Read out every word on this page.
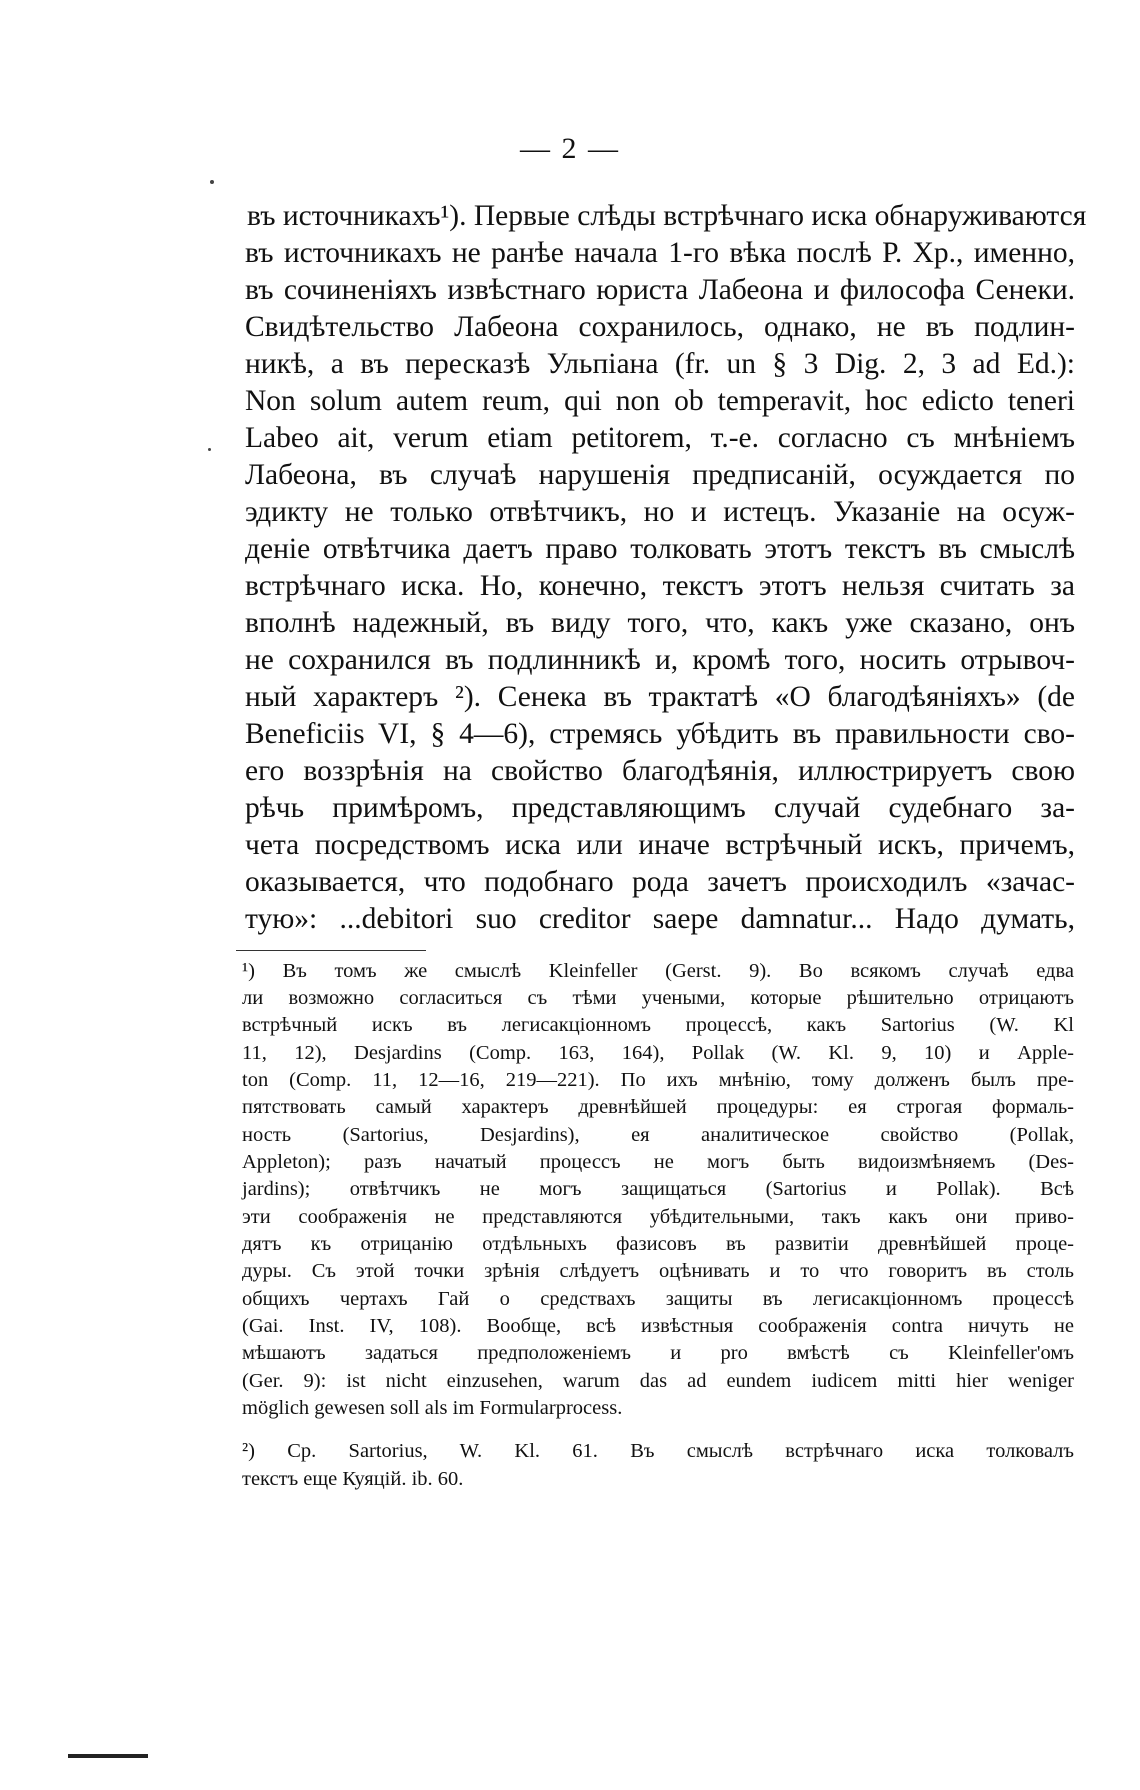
— 2 —
въ источникахъ¹). Первые слѣды встрѣчнаго иска обнаруживаются
въ источникахъ не ранѣе начала 1-го вѣка послѣ Р. Хр., именно,
въ сочиненіяхъ извѣстнаго юриста Лабеона и философа Сенеки.
Свидѣтельство Лабеона сохранилось, однако, не въ подлин-
никѣ, а въ пересказѣ Ульпіана (fr. un § 3 Dig. 2, 3 ad Ed.):
Non solum autem reum, qui non ob temperavit, hoc edicto teneri
Labeo ait, verum etiam petitorem, т.-е. согласно съ мнѣніемъ
Лабеона, въ случаѣ нарушенія предписаній, осуждается по
эдикту не только отвѣтчикъ, но и истецъ. Указаніе на осуж-
деніе отвѣтчика даетъ право толковать этотъ текстъ въ смыслѣ
встрѣчнаго иска. Но, конечно, текстъ этотъ нельзя считать за
вполнѣ надежный, въ виду того, что, какъ уже сказано, онъ
не сохранился въ подлинникѣ и, кромѣ того, носить отрывоч-
ный характеръ ²). Сенека въ трактатѣ «О благодѣяніяхъ» (de
Beneficiis VI, § 4—6), стремясь убѣдить въ правильности сво-
его воззрѣнія на свойство благодѣянія, иллюстрируетъ свою
рѣчь примѣромъ, представляющимъ случай судебнаго за-
чета посредствомъ иска или иначе встрѣчный искъ, причемъ,
оказывается, что подобнаго рода зачетъ происходилъ «зачас-
тую»: ...debitori suo creditor saepe damnatur... Надо думать,
¹) Въ томъ же смыслѣ Kleinfeller (Gerst. 9). Во всякомъ случаѣ едва
ли возможно согласиться съ тѣми учеными, которые рѣшительно отрицаютъ
встрѣчный искъ въ легисакціонномъ процессѣ, какъ Sartorius (W. Kl
11, 12), Desjardins (Comp. 163, 164), Pollak (W. Kl. 9, 10) и Apple-
ton (Comp. 11, 12—16, 219—221). По ихъ мнѣнію, тому долженъ былъ пре-
пятствовать самый характеръ древнѣйшей процедуры: ея строгая формаль-
ность (Sartorius, Desjardins), ея аналитическое свойство (Pollak,
Appleton); разъ начатый процессъ не могъ быть видоизмѣняемъ (Des-
jardins); отвѣтчикъ не могъ защищаться (Sartorius и Pollak). Всѣ
эти соображенія не представляются убѣдительными, такъ какъ они приво-
дятъ къ отрицанію отдѣльныхъ фазисовъ въ развитіи древнѣйшей проце-
дуры. Съ этой точки зрѣнія слѣдуетъ оцѣнивать и то что говоритъ въ столь
общихъ чертахъ Гай о средствахъ защиты въ легисакціонномъ процессѣ
(Gai. Inst. IV, 108). Вообще, всѣ извѣстныя соображенія contra ничуть не
мѣшаютъ задаться предположеніемъ и pro вмѣстѣ съ Kleinfeller'омъ
(Ger. 9): ist nicht einzusehen, warum das ad eundem iudicem mitti hier weniger
möglich gewesen soll als im Formularprocess.
²) Ср. Sartorius, W. Kl. 61. Въ смыслѣ встрѣчнаго иска толковалъ
текстъ еще Куяцій. ib. 60.
